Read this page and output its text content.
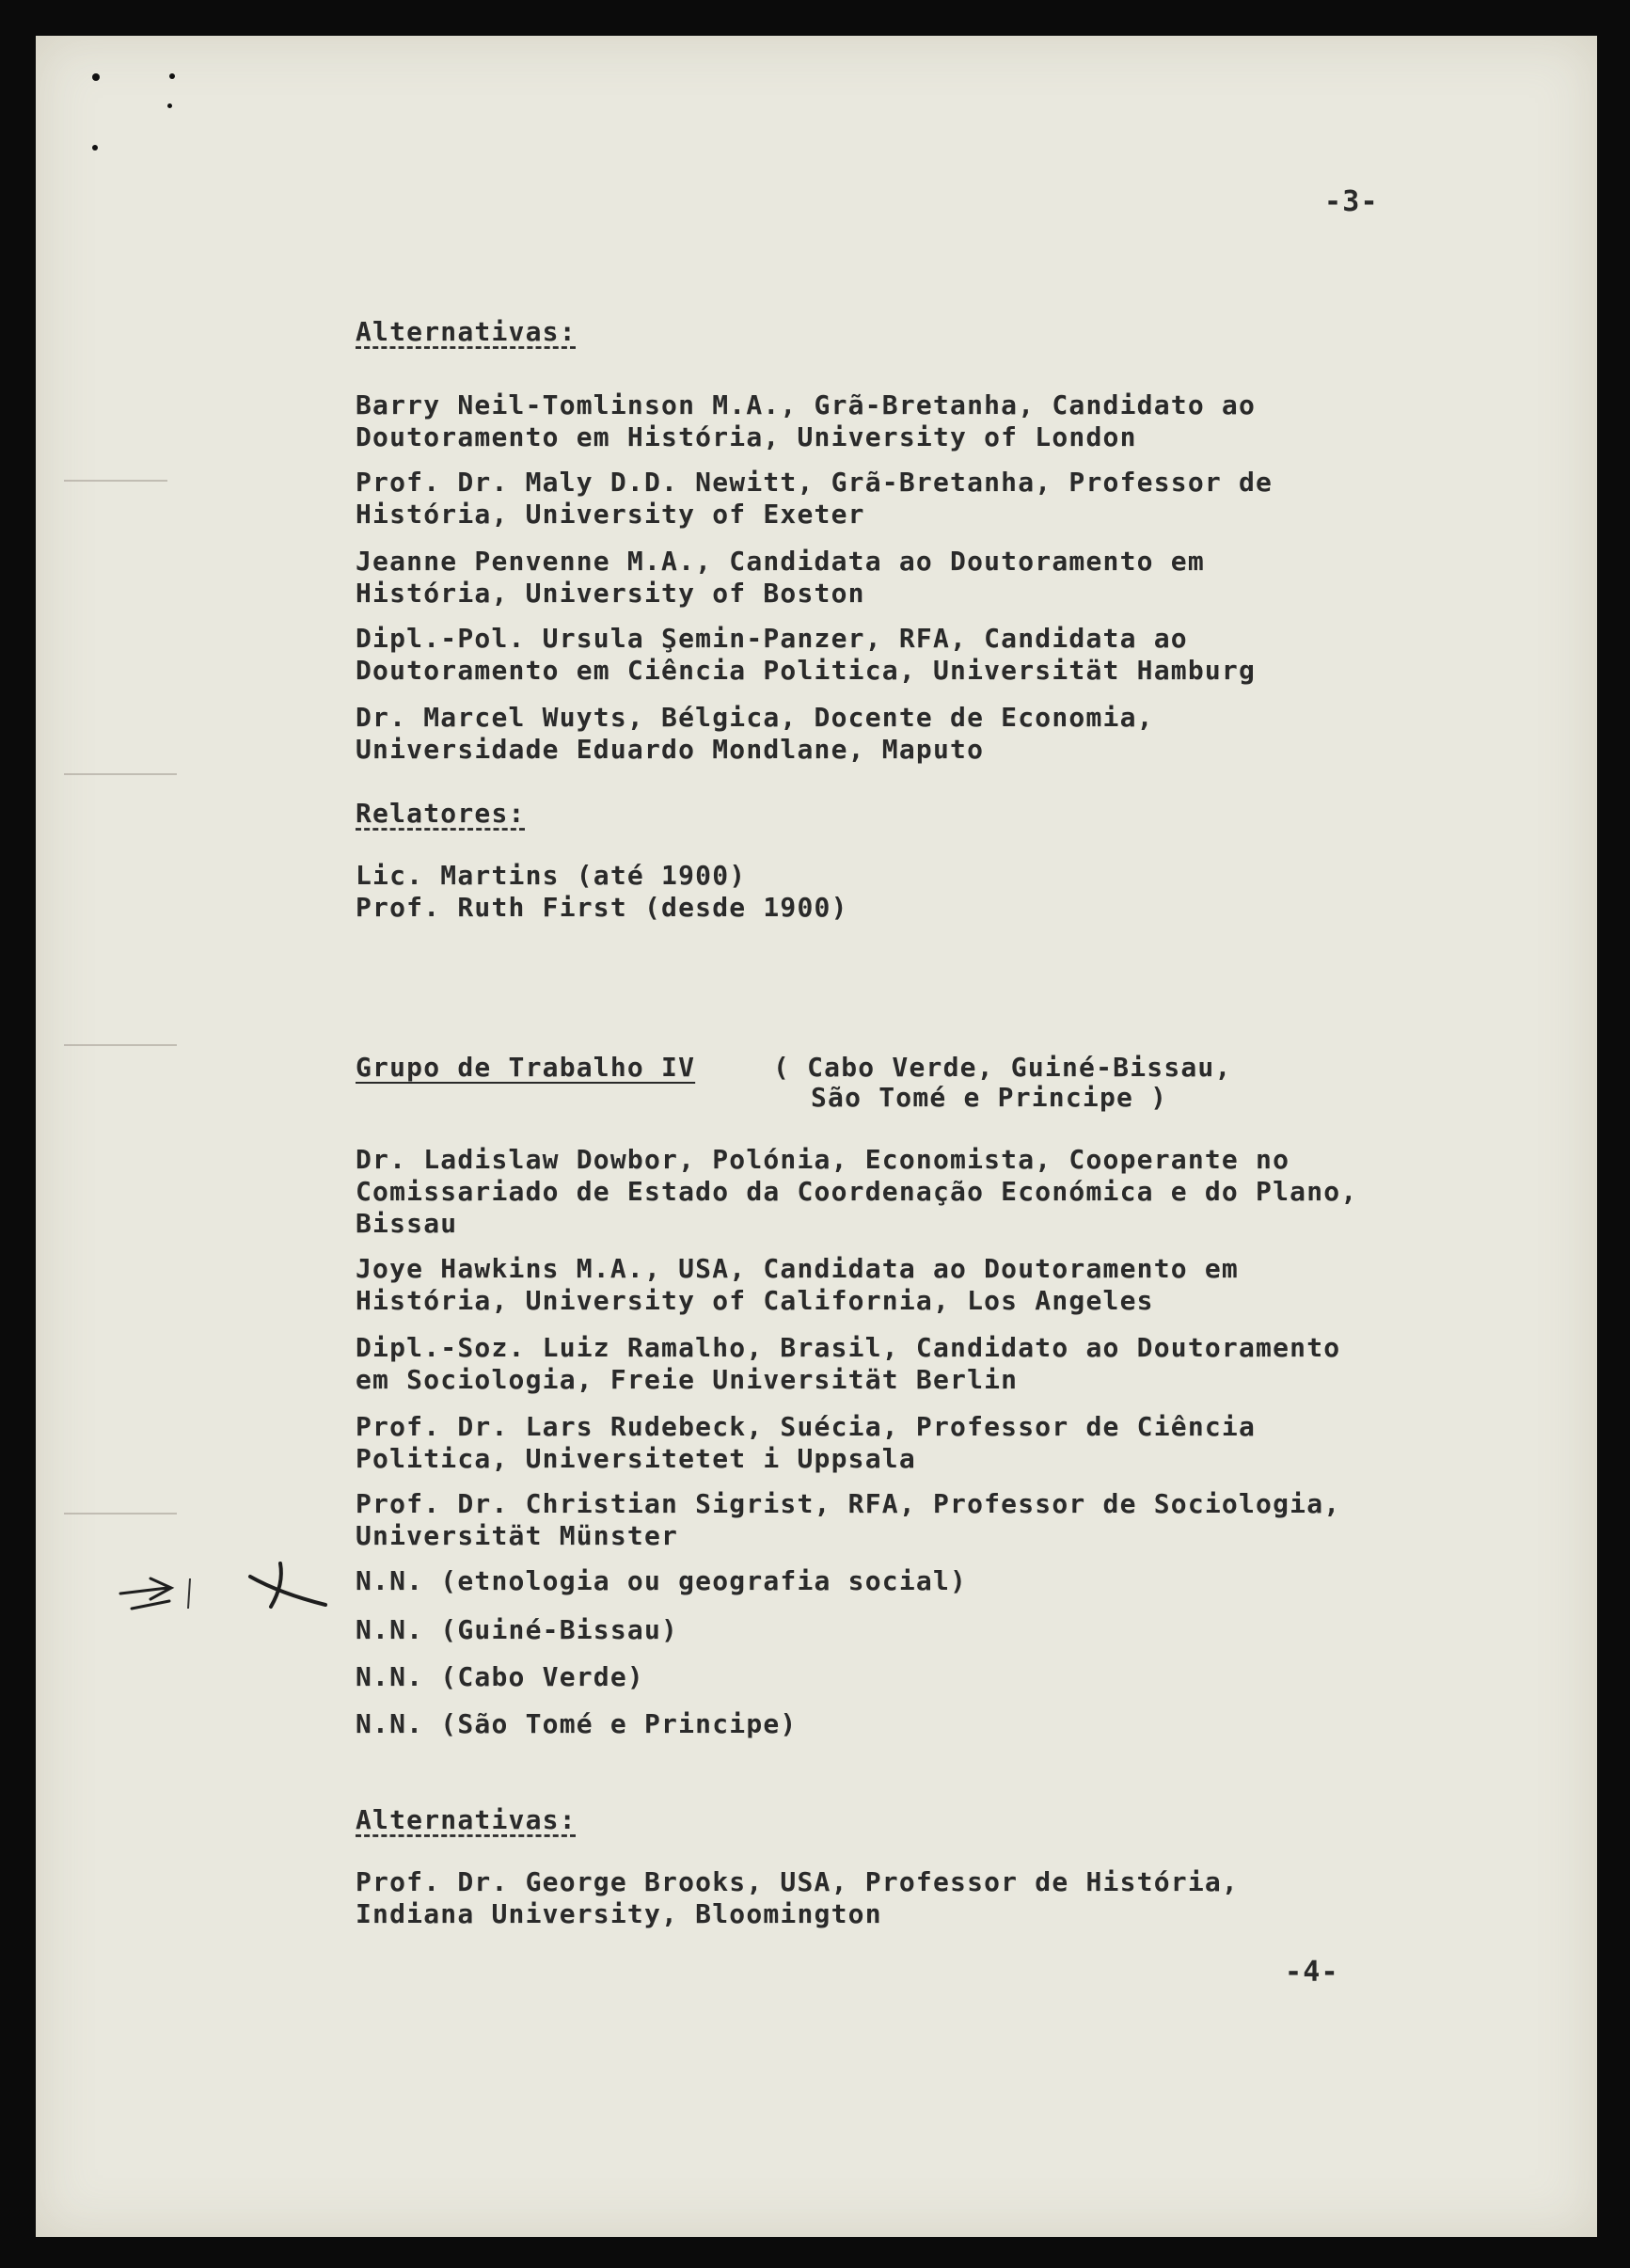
-3-
Alternativas:
Barry Neil-Tomlinson M.A., Grã-Bretanha, Candidato ao
Doutoramento em História, University of London
Prof. Dr. Maly D.D. Newitt, Grã-Bretanha, Professor de
História, University of Exeter
Jeanne Penvenne M.A., Candidata ao Doutoramento em
História, University of Boston
Dipl.-Pol. Ursula Şemin-Panzer, RFA, Candidata ao
Doutoramento em Ciência Politica, Universität Hamburg
Dr. Marcel Wuyts, Bélgica, Docente de Economia,
Universidade Eduardo Mondlane, Maputo
Relatores:
Lic. Martins (até 1900)
Prof. Ruth First (desde 1900)
Grupo de Trabalho IV	( Cabo Verde, Guiné-Bissau,
São Tomé e Principe )
Dr. Ladislaw Dowbor, Polónia, Economista, Cooperante no
Comissariado de Estado da Coordenação Económica e do Plano,
Bissau
Joye Hawkins M.A., USA, Candidata ao Doutoramento em
História, University of California, Los Angeles
Dipl.-Soz. Luiz Ramalho, Brasil, Candidato ao Doutoramento
em Sociologia, Freie Universität Berlin
Prof. Dr. Lars Rudebeck, Suécia, Professor de Ciência
Politica, Universitetet i Uppsala
Prof. Dr. Christian Sigrist, RFA, Professor de Sociologia,
Universität Münster
N.N. (etnologia ou geografia social)
N.N. (Guiné-Bissau)
N.N. (Cabo Verde)
N.N. (São Tomé e Principe)
Alternativas:
Prof. Dr. George Brooks, USA, Professor de História,
Indiana University, Bloomington
-4-
